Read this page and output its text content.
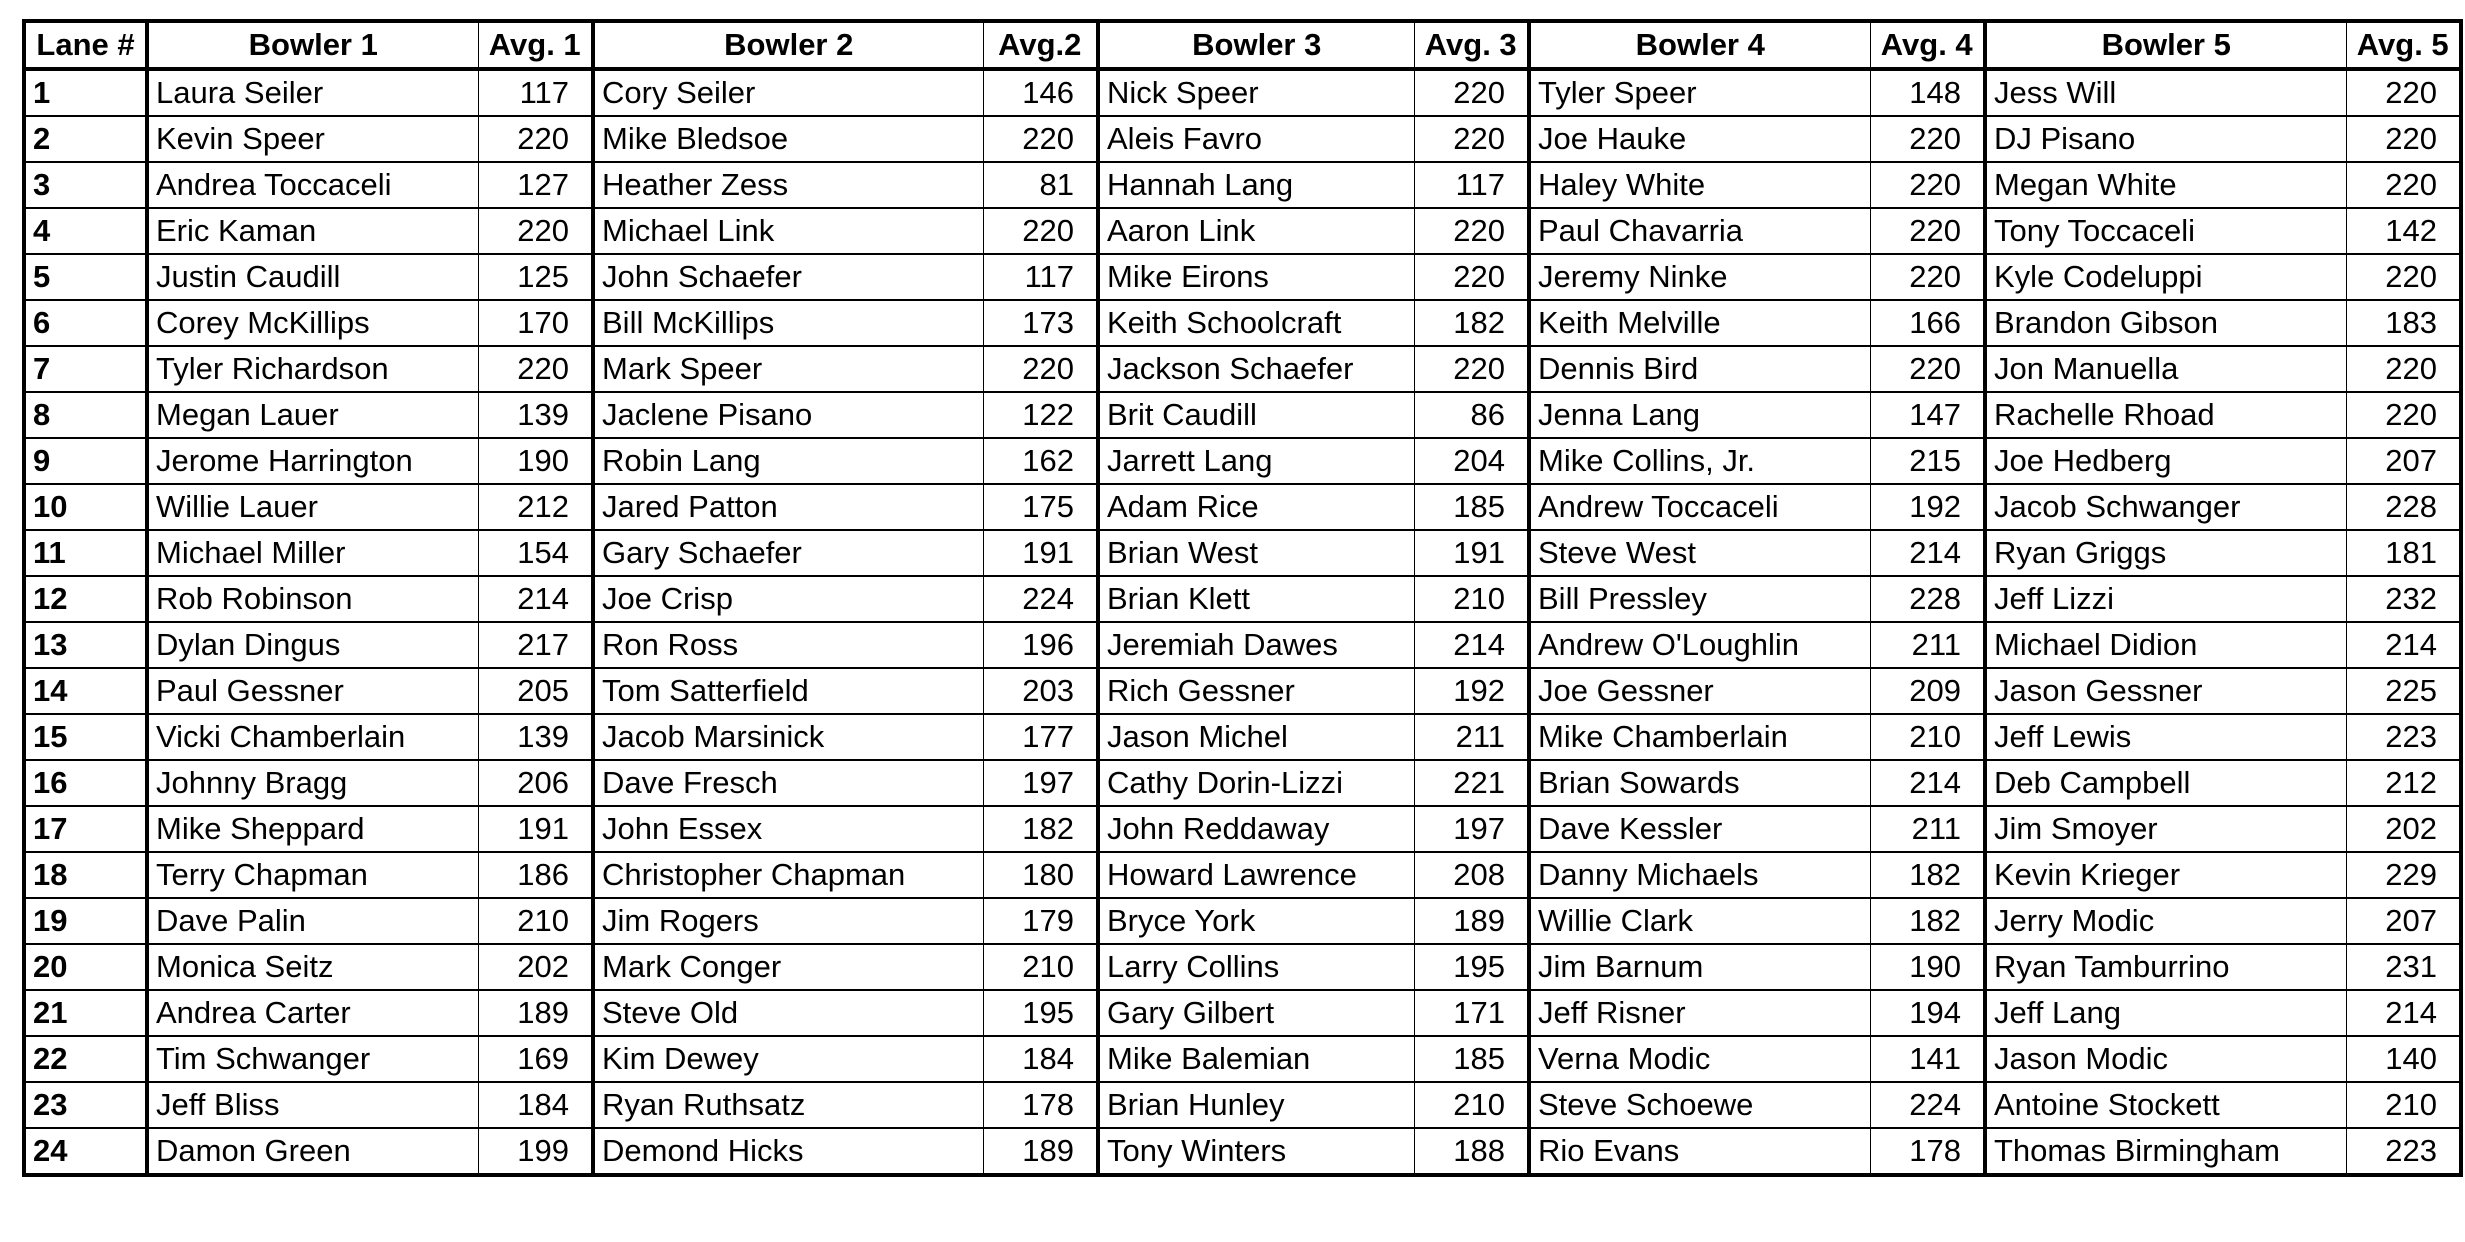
Lane #	Bowler 1	Avg. 1	Bowler 2	Avg.2	Bowler 3	Avg. 3	Bowler 4	Avg. 4	Bowler 5	Avg. 5
1	Laura Seiler	117	Cory Seiler	146	Nick Speer	220	Tyler Speer	148	Jess Will	220
2	Kevin Speer	220	Mike Bledsoe	220	Aleis Favro	220	Joe Hauke	220	DJ Pisano	220
3	Andrea Toccaceli	127	Heather Zess	81	Hannah Lang	117	Haley White	220	Megan White	220
4	Eric Kaman	220	Michael Link	220	Aaron Link	220	Paul Chavarria	220	Tony Toccaceli	142
5	Justin Caudill	125	John Schaefer	117	Mike Eirons	220	Jeremy Ninke	220	Kyle Codeluppi	220
6	Corey McKillips	170	Bill McKillips	173	Keith Schoolcraft	182	Keith Melville	166	Brandon Gibson	183
7	Tyler Richardson	220	Mark Speer	220	Jackson Schaefer	220	Dennis Bird	220	Jon Manuella	220
8	Megan Lauer	139	Jaclene Pisano	122	Brit Caudill	86	Jenna Lang	147	Rachelle Rhoad	220
9	Jerome Harrington	190	Robin Lang	162	Jarrett Lang	204	Mike Collins, Jr.	215	Joe Hedberg	207
10	Willie Lauer	212	Jared Patton	175	Adam Rice	185	Andrew Toccaceli	192	Jacob Schwanger	228
11	Michael Miller	154	Gary Schaefer	191	Brian West	191	Steve West	214	Ryan Griggs	181
12	Rob Robinson	214	Joe Crisp	224	Brian Klett	210	Bill Pressley	228	Jeff Lizzi	232
13	Dylan Dingus	217	Ron Ross	196	Jeremiah Dawes	214	Andrew O'Loughlin	211	Michael Didion	214
14	Paul Gessner	205	Tom Satterfield	203	Rich Gessner	192	Joe Gessner	209	Jason Gessner	225
15	Vicki Chamberlain	139	Jacob Marsinick	177	Jason Michel	211	Mike Chamberlain	210	Jeff Lewis	223
16	Johnny Bragg	206	Dave Fresch	197	Cathy Dorin-Lizzi	221	Brian Sowards	214	Deb Campbell	212
17	Mike Sheppard	191	John Essex	182	John Reddaway	197	Dave Kessler	211	Jim Smoyer	202
18	Terry Chapman	186	Christopher Chapman	180	Howard Lawrence	208	Danny Michaels	182	Kevin Krieger	229
19	Dave Palin	210	Jim Rogers	179	Bryce York	189	Willie Clark	182	Jerry Modic	207
20	Monica Seitz	202	Mark Conger	210	Larry Collins	195	Jim Barnum	190	Ryan Tamburrino	231
21	Andrea Carter	189	Steve Old	195	Gary Gilbert	171	Jeff Risner	194	Jeff Lang	214
22	Tim Schwanger	169	Kim Dewey	184	Mike Balemian	185	Verna Modic	141	Jason Modic	140
23	Jeff Bliss	184	Ryan Ruthsatz	178	Brian Hunley	210	Steve Schoewe	224	Antoine Stockett	210
24	Damon Green	199	Demond Hicks	189	Tony Winters	188	Rio Evans	178	Thomas Birmingham	223
